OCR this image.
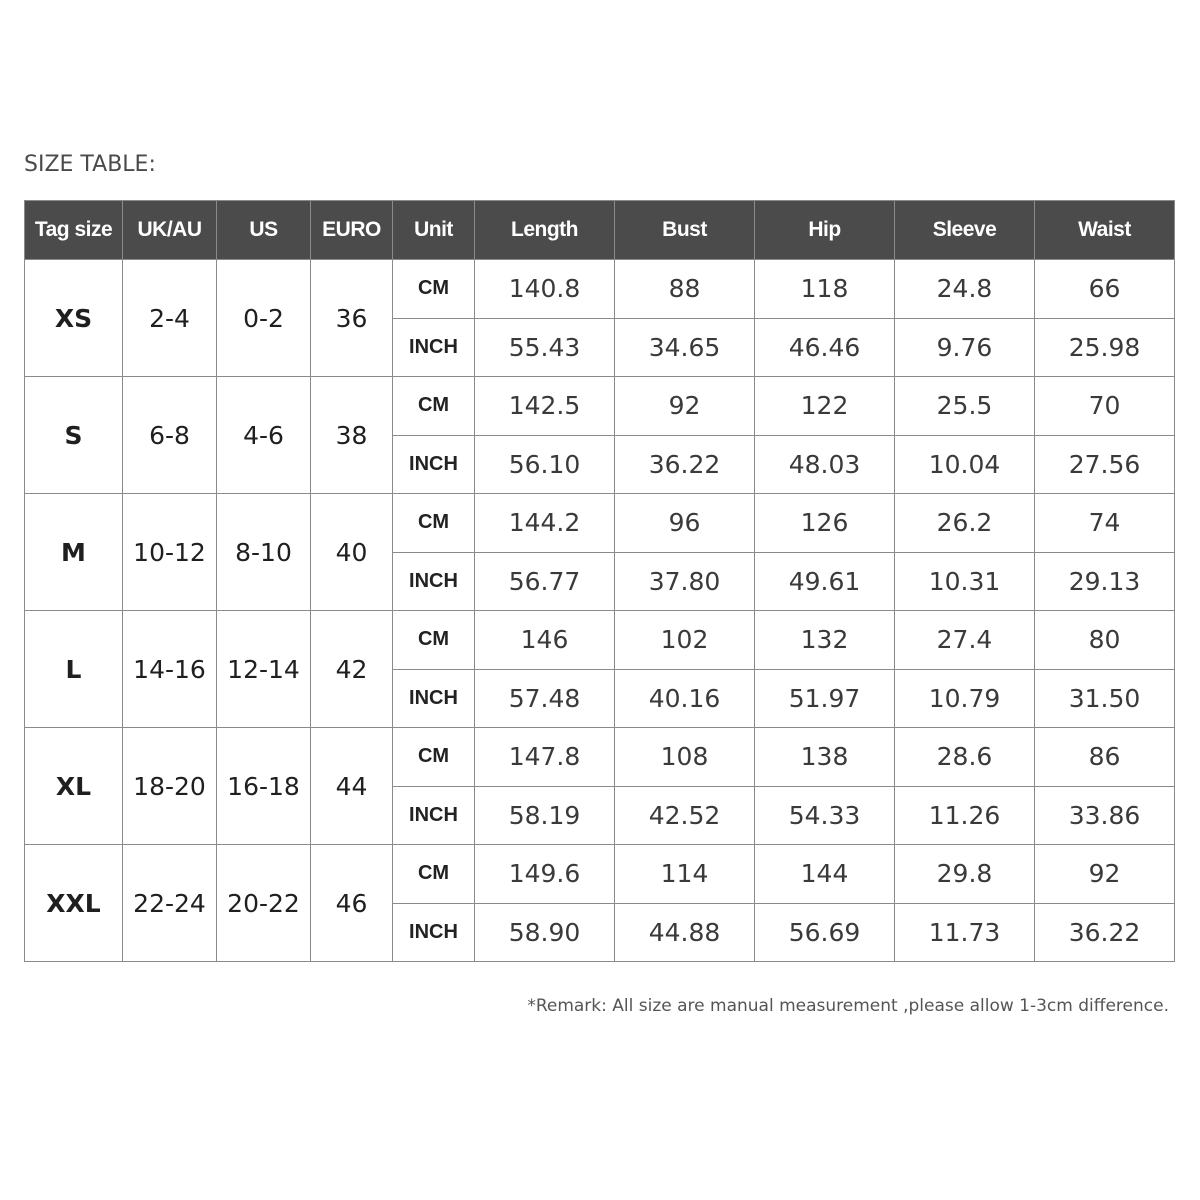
SIZE TABLE:
Tag size	UK/AU	US	EURO	Unit	Length	Bust	Hip	Sleeve	Waist
XS	2-4	0-2	36	CM	140.8	88	118	24.8	66
				INCH	55.43	34.65	46.46	9.76	25.98
S	6-8	4-6	38	CM	142.5	92	122	25.5	70
				INCH	56.10	36.22	48.03	10.04	27.56
M	10-12	8-10	40	CM	144.2	96	126	26.2	74
				INCH	56.77	37.80	49.61	10.31	29.13
L	14-16	12-14	42	CM	146	102	132	27.4	80
				INCH	57.48	40.16	51.97	10.79	31.50
XL	18-20	16-18	44	CM	147.8	108	138	28.6	86
				INCH	58.19	42.52	54.33	11.26	33.86
XXL	22-24	20-22	46	CM	149.6	114	144	29.8	92
				INCH	58.90	44.88	56.69	11.73	36.22
*Remark: All size are manual measurement ,please allow 1-3cm difference.
